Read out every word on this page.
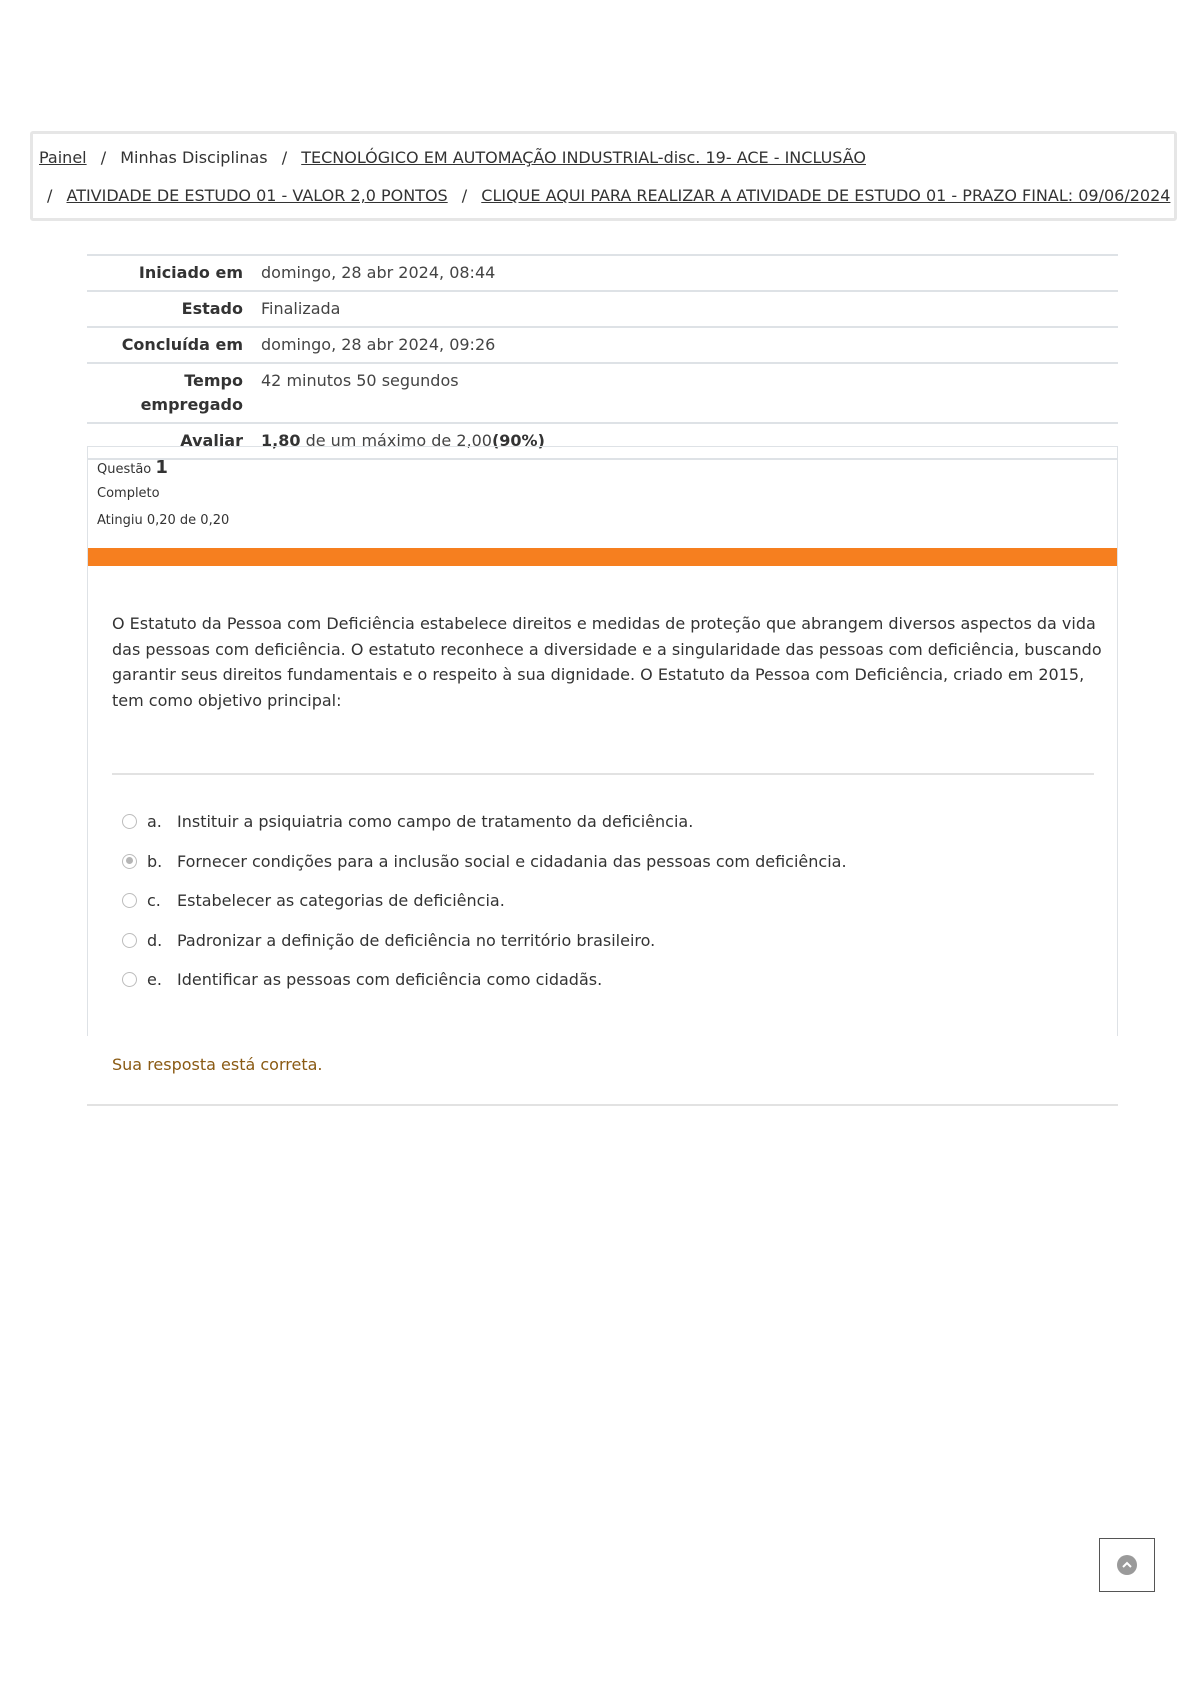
Painel / Minhas Disciplinas / TECNOLÓGICO EM AUTOMAÇÃO INDUSTRIAL-disc. 19- ACE - INCLUSÃO
/ ATIVIDADE DE ESTUDO 01 - VALOR 2,0 PONTOS / CLIQUE AQUI PARA REALIZAR A ATIVIDADE DE ESTUDO 01 - PRAZO FINAL: 09/06/2024
Iniciado em	domingo, 28 abr 2024, 08:44
Estado	Finalizada
Concluída em	domingo, 28 abr 2024, 09:26
Tempo
empregado	42 minutos 50 segundos
Avaliar	1,80 de um máximo de 2,00(90%)
Questão 1
Completo
Atingiu 0,20 de 0,20
O Estatuto da Pessoa com Deficiência estabelece direitos e medidas de proteção que abrangem diversos aspectos da vida das pessoas com deficiência. O estatuto reconhece a diversidade e a singularidade das pessoas com deficiência, buscando garantir seus direitos fundamentais e o respeito à sua dignidade. O Estatuto da Pessoa com Deficiência, criado em 2015, tem como objetivo principal:
a. Instituir a psiquiatria como campo de tratamento da deficiência.
b. Fornecer condições para a inclusão social e cidadania das pessoas com deficiência.
c.	Estabelecer as categorias de deficiência.
d. Padronizar a definição de deficiência no território brasileiro.
e. Identificar as pessoas com deficiência como cidadãs.
Sua resposta está correta.
